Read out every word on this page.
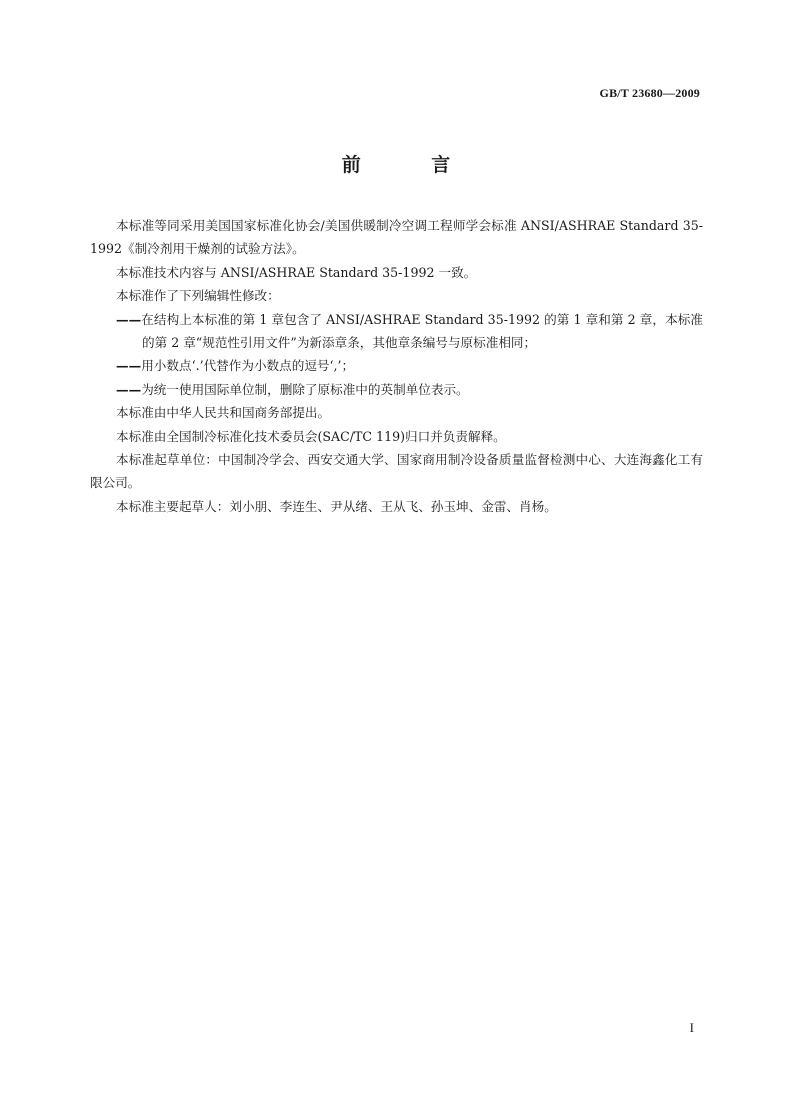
GB/T 23680—2009
前 言

本标准等同采用美国国家标准化协会/美国供暖制冷空调工程师学会标准 ANSI/ASHRAE Standard 35-1992《制冷剂用干燥剂的试验方法》。

本标准技术内容与 ANSI/ASHRAE Standard 35-1992 一致。

本标准作了下列编辑性修改：

——在结构上本标准的第 1 章包含了 ANSI/ASHRAE Standard 35-1992 的第 1 章和第 2 章，本标准的第 2 章“规范性引用文件”为新添章条，其他章条编号与原标准相同；

——用小数点‘.’代替作为小数点的逗号‘,’；

——为统一使用国际单位制，删除了原标准中的英制单位表示。

本标准由中华人民共和国商务部提出。

本标准由全国制冷标准化技术委员会(SAC/TC 119)归口并负责解释。

本标准起草单位：中国制冷学会、西安交通大学、国家商用制冷设备质量监督检测中心、大连海鑫化工有限公司。

本标准主要起草人：刘小朋、李连生、尹从绪、王从飞、孙玉坤、金雷、肖杨。

I
